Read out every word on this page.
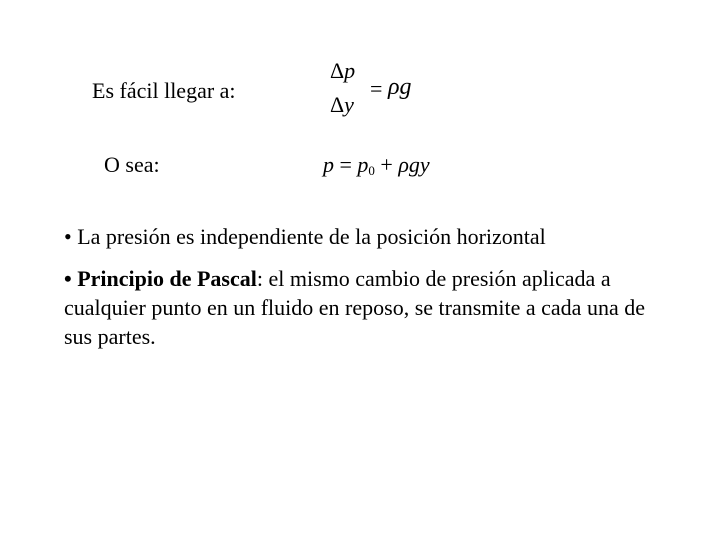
Es fácil llegar a:
Δp
Δy
= ρg
O sea:	$p = p_0 + \rho gy$
• La presión es independiente de la posición horizontal
• Principio de Pascal: el mismo cambio de presión aplicada a cualquier punto en un fluido en reposo, se transmite a cada una de sus partes.
